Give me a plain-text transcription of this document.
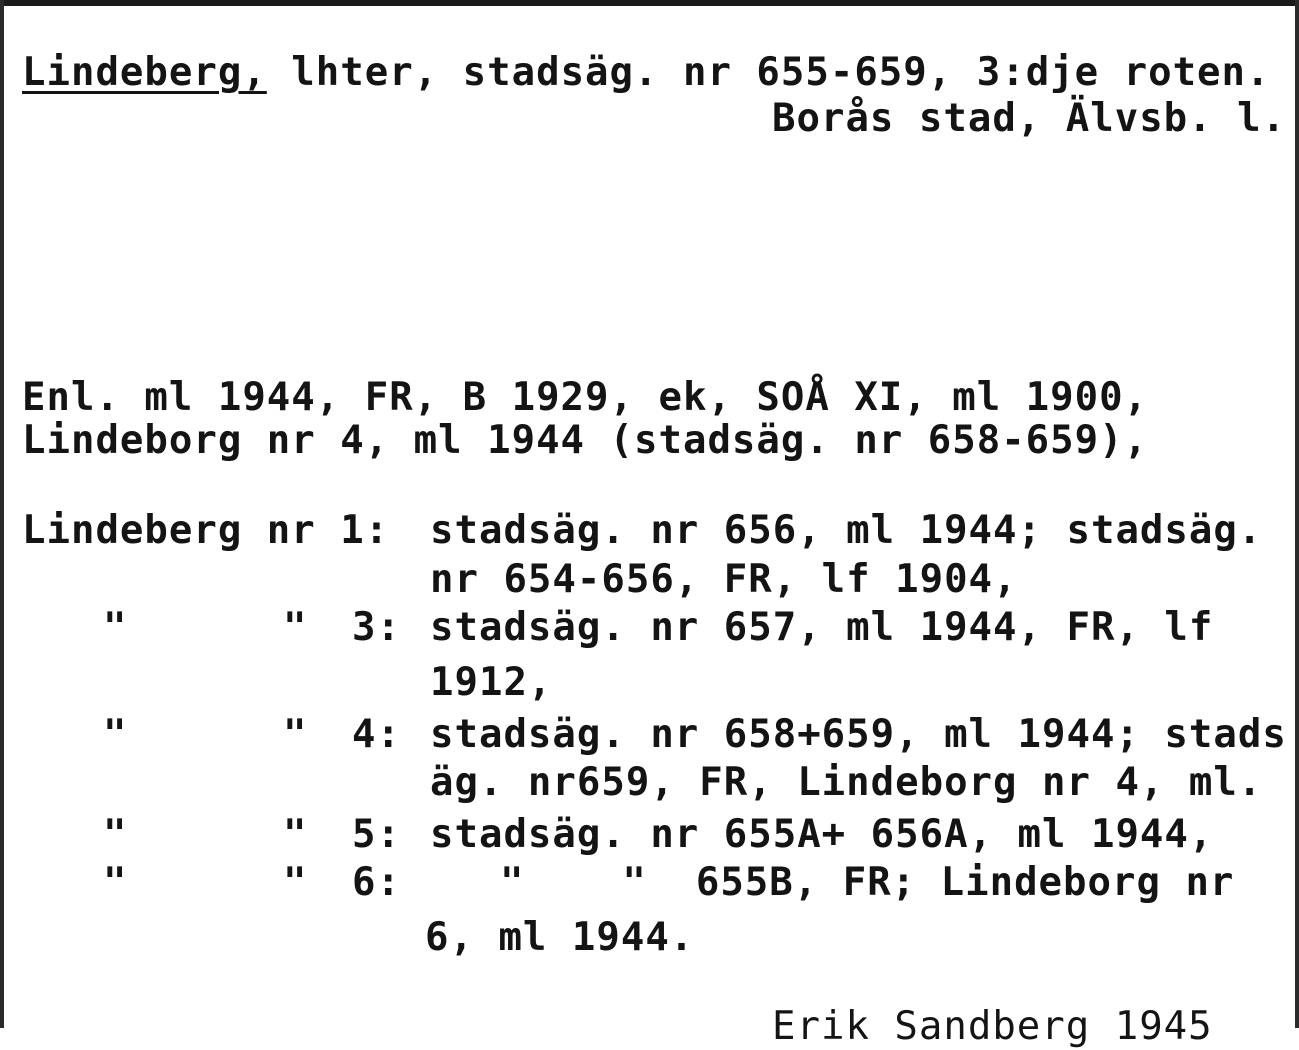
Lindeberg, lhter, stadsäg. nr 655-659, 3:dje roten.
Borås stad, Älvsb. l.
Enl. ml 1944, FR, B 1929, ek, SOÅ XI, ml 1900,
Lindeborg nr 4, ml 1944 (stadsäg. nr 658-659),
Lindeberg nr 1: stadsäg. nr 656, ml 1944; stadsäg.
nr 654-656, FR, lf 1904,
"	" 3: stadsäg. nr 657, ml 1944, FR, lf
1912,
"	" 4: stadsäg. nr 658+659, ml 1944; stads
äg. nr659, FR, Lindeborg nr 4, ml.
"	" 5: stadsäg. nr 655A+ 656A, ml 1944,
"	" 6:	"    "  655B, FR; Lindeborg nr
6, ml 1944.
Erik Sandberg 1945
